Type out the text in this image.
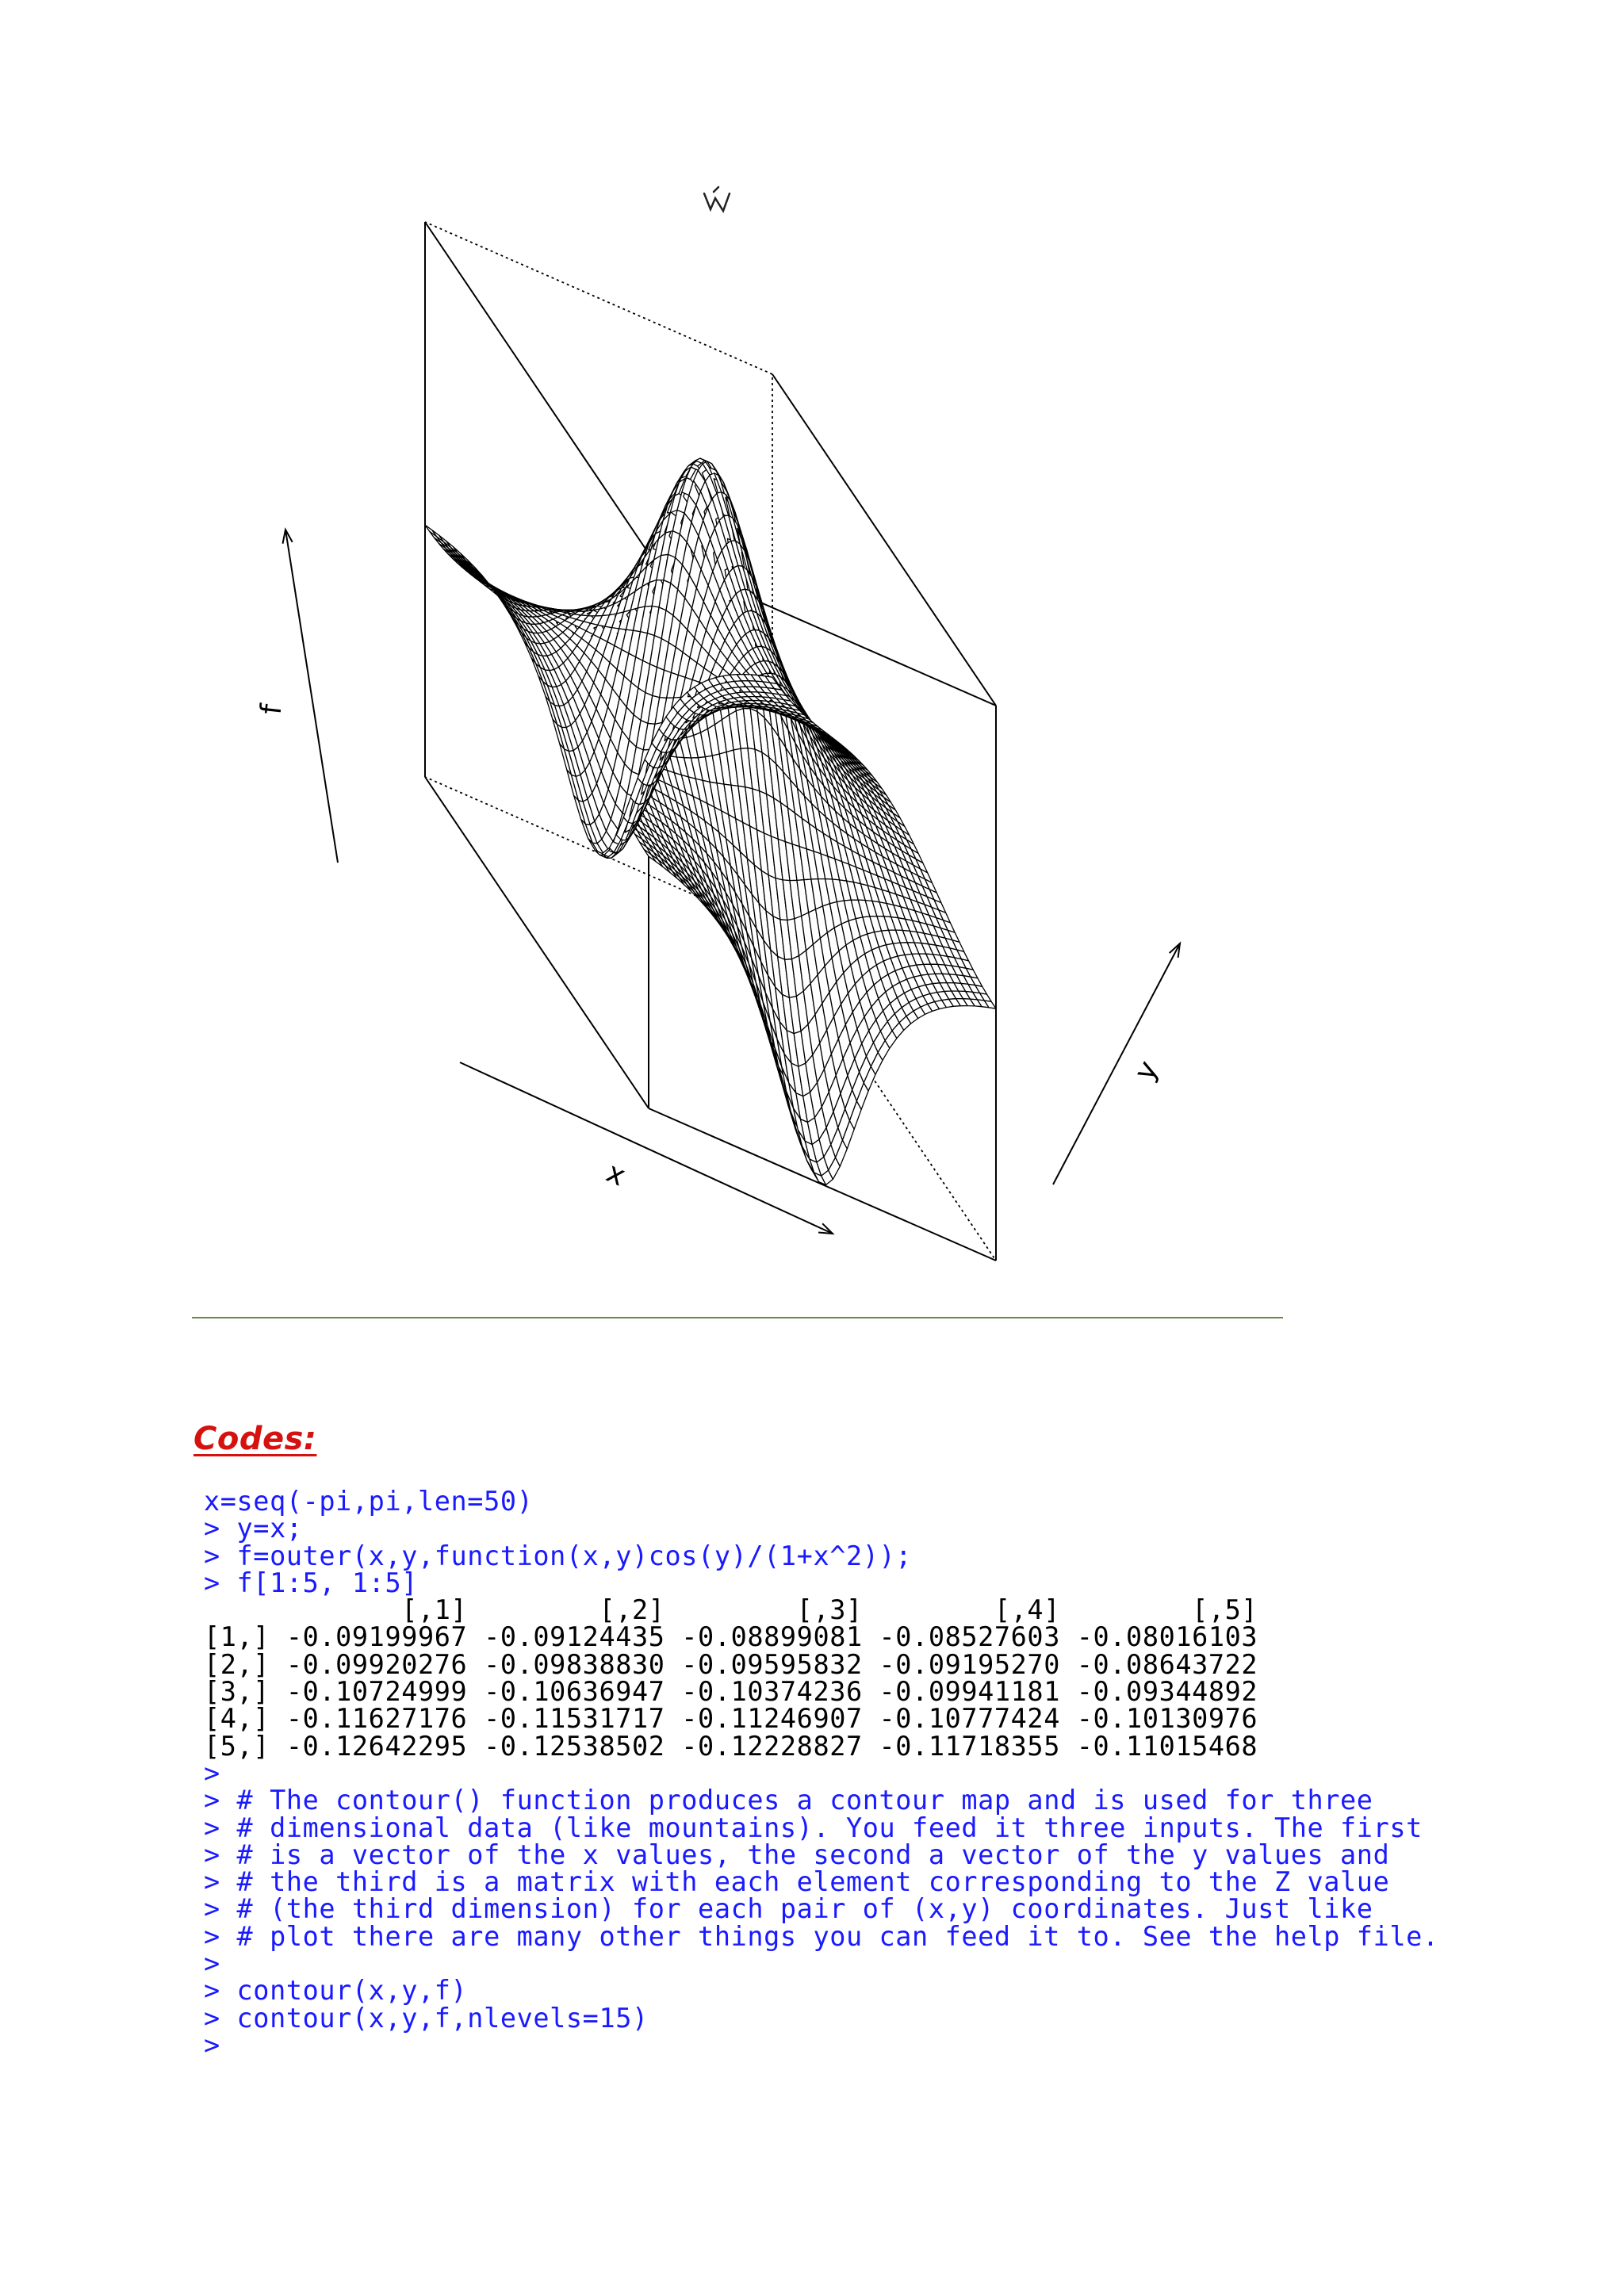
x
y
f
Codes:
x=seq(-pi,pi,len=50)
> y=x;
> f=outer(x,y,function(x,y)cos(y)/(1+x^2));
> f[1:5, 1:5]
[,1]        [,2]        [,3]        [,4]        [,5]
[1,] -0.09199967 -0.09124435 -0.08899081 -0.08527603 -0.08016103
[2,] -0.09920276 -0.09838830 -0.09595832 -0.09195270 -0.08643722
[3,] -0.10724999 -0.10636947 -0.10374236 -0.09941181 -0.09344892
[4,] -0.11627176 -0.11531717 -0.11246907 -0.10777424 -0.10130976
[5,] -0.12642295 -0.12538502 -0.12228827 -0.11718355 -0.11015468
>
> # The contour() function produces a contour map and is used for three
> # dimensional data (like mountains). You feed it three inputs. The first
> # is a vector of the x values, the second a vector of the y values and
> # the third is a matrix with each element corresponding to the Z value
> # (the third dimension) for each pair of (x,y) coordinates. Just like
> # plot there are many other things you can feed it to. See the help file.
>
> contour(x,y,f)
> contour(x,y,f,nlevels=15)
>
